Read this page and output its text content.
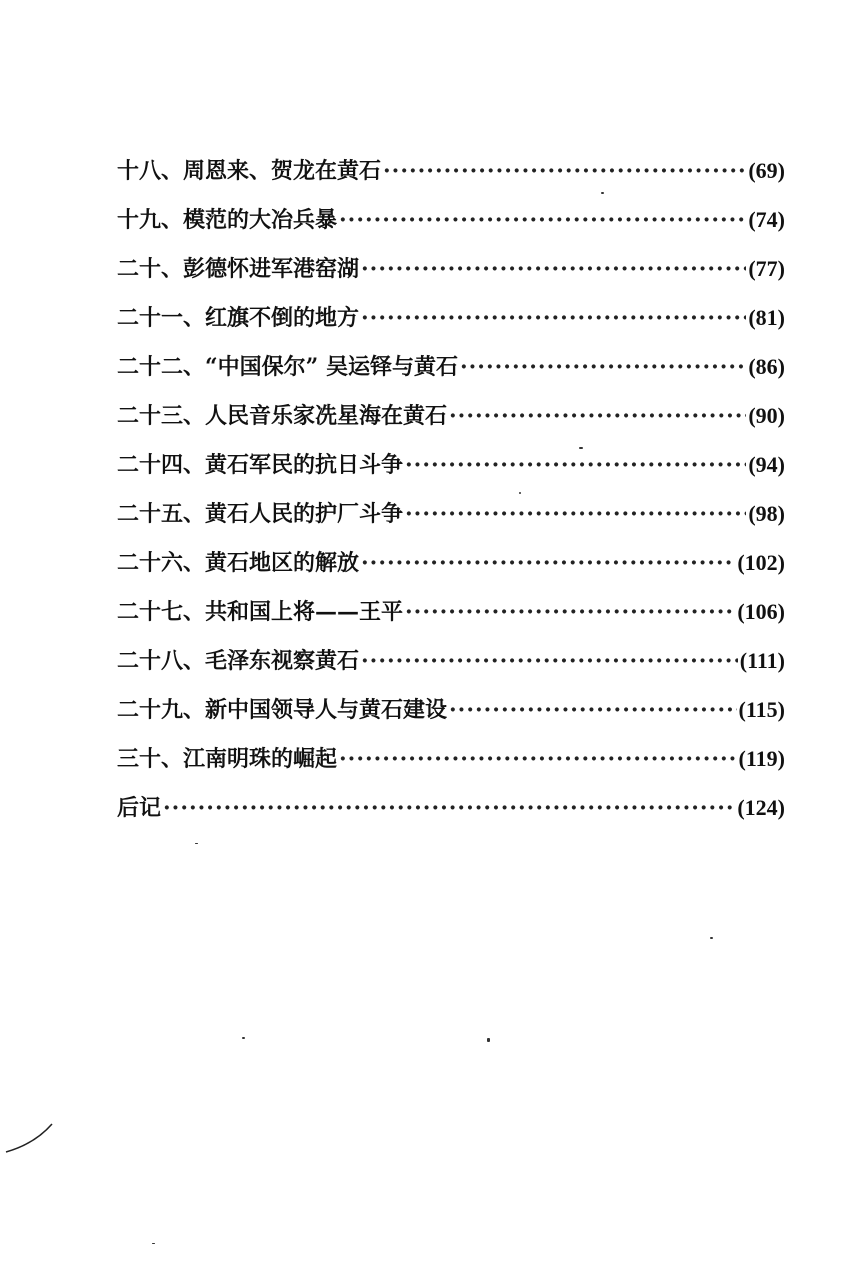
十八、周恩来、贺龙在黄石 ·····	(69)
十九、模范的大冶兵暴 ·····	(74)
二十、彭德怀进军港窑湖 ·····	(77)
二十一、红旗不倒的地方 ·····	(81)
二十二、“中国保尔” 吴运铎与黄石 ·····	(86)
二十三、人民音乐家冼星海在黄石 ·····	(90)
二十四、黄石军民的抗日斗争 ·····	(94)
二十五、黄石人民的护厂斗争 ·····	(98)
二十六、黄石地区的解放 ·····	(102)
二十七、共和国上将——王平 ·····	(106)
二十八、毛泽东视察黄石 ·····	(111)
二十九、新中国领导人与黄石建设 ·····	(115)
三十、江南明珠的崛起 ·····	(119)
后记 ·····	(124)
